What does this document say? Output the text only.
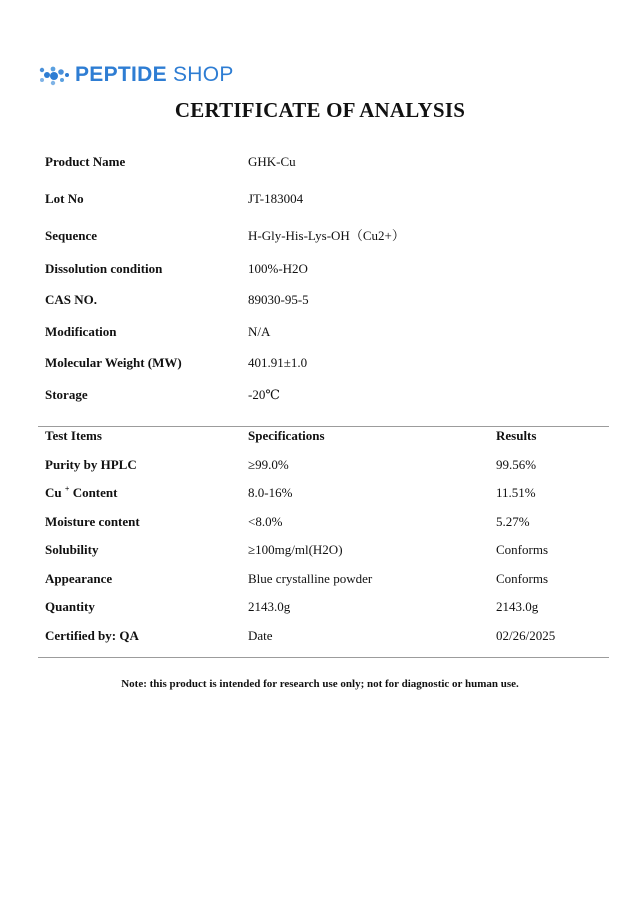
PEPTIDE SHOP
CERTIFICATE OF ANALYSIS
Product Name	GHK-Cu
Lot No	JT-183004
Sequence	H-Gly-His-Lys-OH（Cu2+）
Dissolution condition	100%-H2O
CAS NO.	89030-95-5
Modification	N/A
Molecular Weight (MW)	401.91±1.0
Storage	-20℃
Test Items	Specifications	Results
Purity by HPLC	≥99.0%	99.56%
Cu + Content	8.0-16%	11.51%
Moisture content	<8.0%	5.27%
Solubility	≥100mg/ml(H2O)	Conforms
Appearance	Blue crystalline powder	Conforms
Quantity	2143.0g	2143.0g
Certified by: QA	Date	02/26/2025
Note: this product is intended for research use only; not for diagnostic or human use.
